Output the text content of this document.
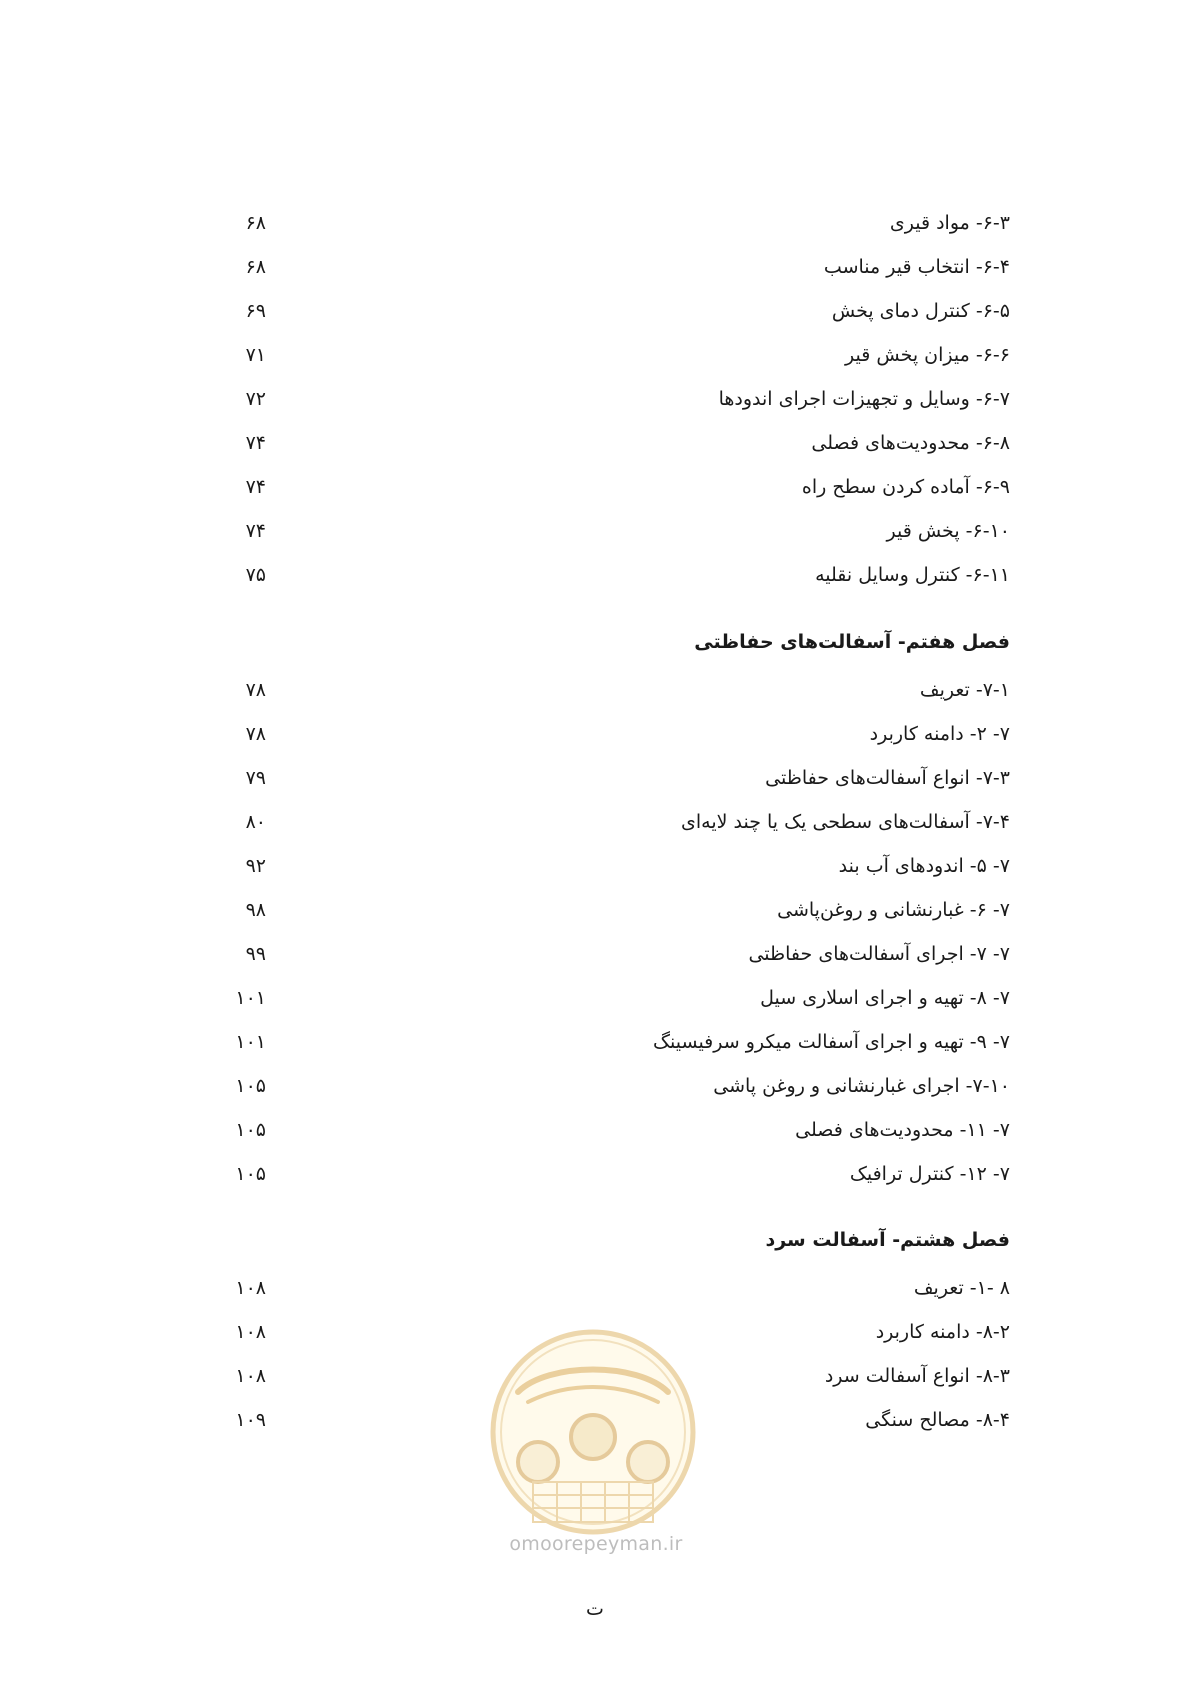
۶-۳- مواد قیری
۶۸
۶-۴- انتخاب قیر مناسب
۶۸
۶-۵- کنترل دمای پخش
۶۹
۶-۶- میزان پخش قیر
۷۱
۶-۷- وسایل و تجهیزات اجرای اندودها
۷۲
۶-۸- محدودیت‌های فصلی
۷۴
۶-۹- آماده کردن سطح راه
۷۴
۶-۱۰- پخش قیر
۷۴
۶-۱۱- کنترل وسایل نقلیه
۷۵
فصل هفتم- آسفالت‌های حفاظتی
۷-۱- تعریف
۷۸
۷- ۲- دامنه کاربرد
۷۸
۷-۳- انواع آسفالت‌های حفاظتی
۷۹
۷-۴- آسفالت‌های سطحی یک یا چند لایه‌ای
۸۰
۷- ۵- اندودهای آب بند
۹۲
۷- ۶- غبارنشانی و روغن‌پاشی
۹۸
۷- ۷- اجرای آسفالت‌های حفاظتی
۹۹
۷- ۸- تهیه و اجرای اسلاری سیل
۱۰۱
۷- ۹- تهیه و اجرای آسفالت میکرو سرفیسینگ
۱۰۱
۷-۱۰- اجرای غبارنشانی و روغن پاشی
۱۰۵
۷- ۱۱- محدودیت‌های فصلی
۱۰۵
۷- ۱۲- کنترل ترافیک
۱۰۵
فصل هشتم- آسفالت سرد
۸ -۱- تعریف
۱۰۸
۸-۲- دامنه کاربرد
۱۰۸
۸-۳- انواع آسفالت سرد
۱۰۸
۸-۴- مصالح سنگی
۱۰۹
omoorepeyman.ir
ت
